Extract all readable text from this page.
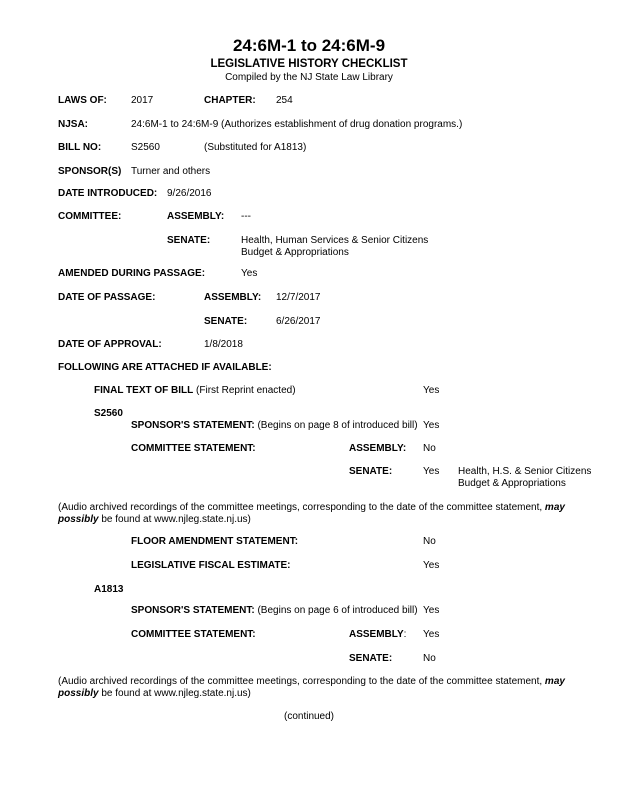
24:6M-1 to 24:6M-9
LEGISLATIVE HISTORY CHECKLIST
Compiled by the NJ State Law Library
LAWS OF: 2017	CHAPTER: 254
NJSA:	24:6M-1 to 24:6M-9 (Authorizes establishment of drug donation programs.)
BILL NO:	S2560	(Substituted for A1813)
SPONSOR(S) Turner and others
DATE INTRODUCED: 9/26/2016
COMMITTEE:	ASSEMBLY: ---
SENATE:	Health, Human Services & Senior Citizens
Budget & Appropriations
AMENDED DURING PASSAGE:	Yes
DATE OF PASSAGE:	ASSEMBLY: 12/7/2017
SENATE:	6/26/2017
DATE OF APPROVAL:	1/8/2018
FOLLOWING ARE ATTACHED IF AVAILABLE:
FINAL TEXT OF BILL (First Reprint enacted)	Yes
S2560
SPONSOR'S STATEMENT: (Begins on page 8 of introduced bill) Yes
COMMITTEE STATEMENT:	ASSEMBLY: No
SENATE:	Yes Health, H.S. & Senior Citizens
Budget & Appropriations
(Audio archived recordings of the committee meetings, corresponding to the date of the committee statement, may possibly be found at www.njleg.state.nj.us)
FLOOR AMENDMENT STATEMENT:	No
LEGISLATIVE FISCAL ESTIMATE:	Yes
A1813
SPONSOR'S STATEMENT: (Begins on page 6 of introduced bill) Yes
COMMITTEE STATEMENT:	ASSEMBLY: Yes
SENATE:	No
(Audio archived recordings of the committee meetings, corresponding to the date of the committee statement, may possibly be found at www.njleg.state.nj.us)
(continued)
